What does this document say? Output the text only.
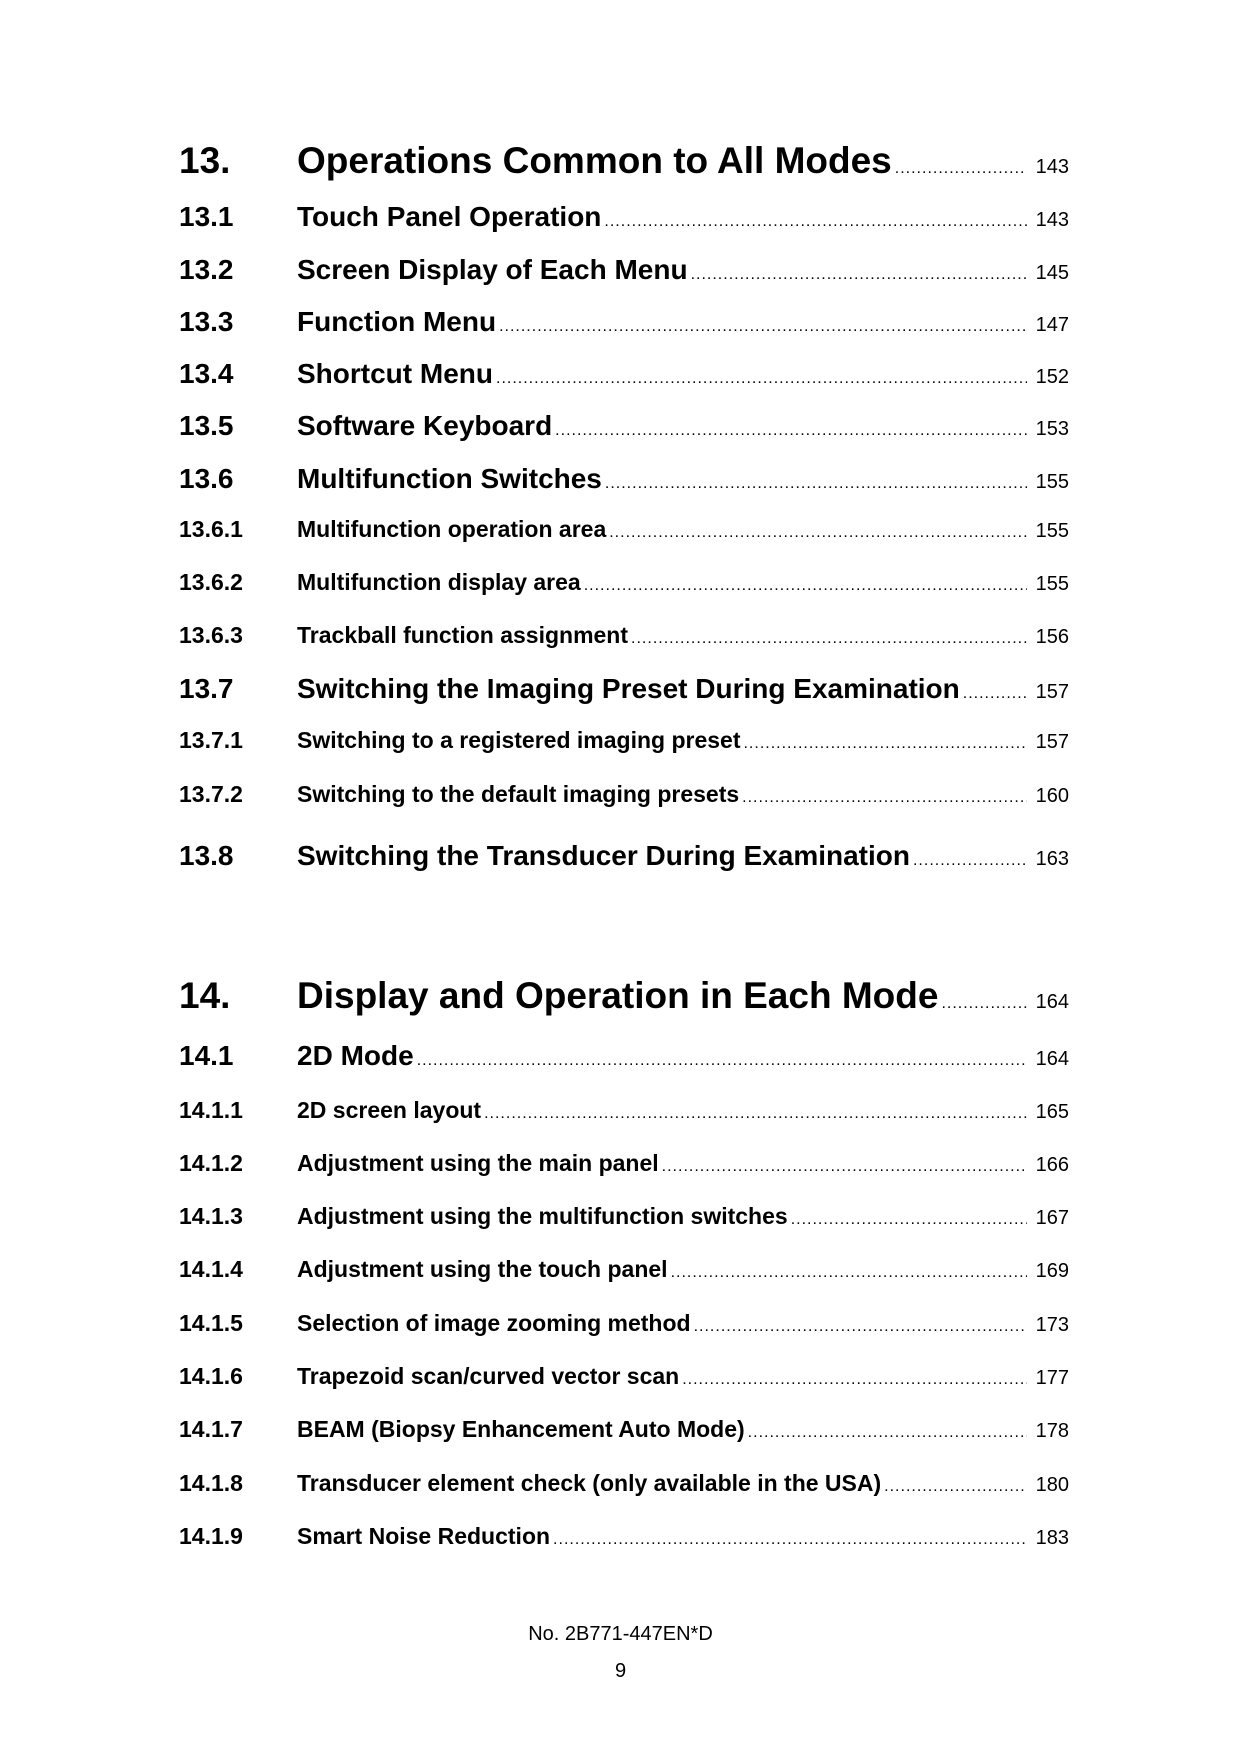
13.	Operations Common to All Modes .....	143
13.1	Touch Panel Operation .....	143
13.2	Screen Display of Each Menu .....	145
13.3	Function Menu .....	147
13.4	Shortcut Menu .....	152
13.5	Software Keyboard .....	153
13.6	Multifunction Switches .....	155
13.6.1	Multifunction operation area .....	155
13.6.2	Multifunction display area .....	155
13.6.3	Trackball function assignment .....	156
13.7	Switching the Imaging Preset During Examination .....	157
13.7.1	Switching to a registered imaging preset .....	157
13.7.2	Switching to the default imaging presets .....	160
13.8	Switching the Transducer During Examination .....	163
14.	Display and Operation in Each Mode .....	164
14.1	2D Mode .....	164
14.1.1	2D screen layout .....	165
14.1.2	Adjustment using the main panel .....	166
14.1.3	Adjustment using the multifunction switches .....	167
14.1.4	Adjustment using the touch panel .....	169
14.1.5	Selection of image zooming method .....	173
14.1.6	Trapezoid scan/curved vector scan .....	177
14.1.7	BEAM (Biopsy Enhancement Auto Mode) .....	178
14.1.8	Transducer element check (only available in the USA) .....	180
14.1.9	Smart Noise Reduction .....	183
No. 2B771-447EN*D
9
